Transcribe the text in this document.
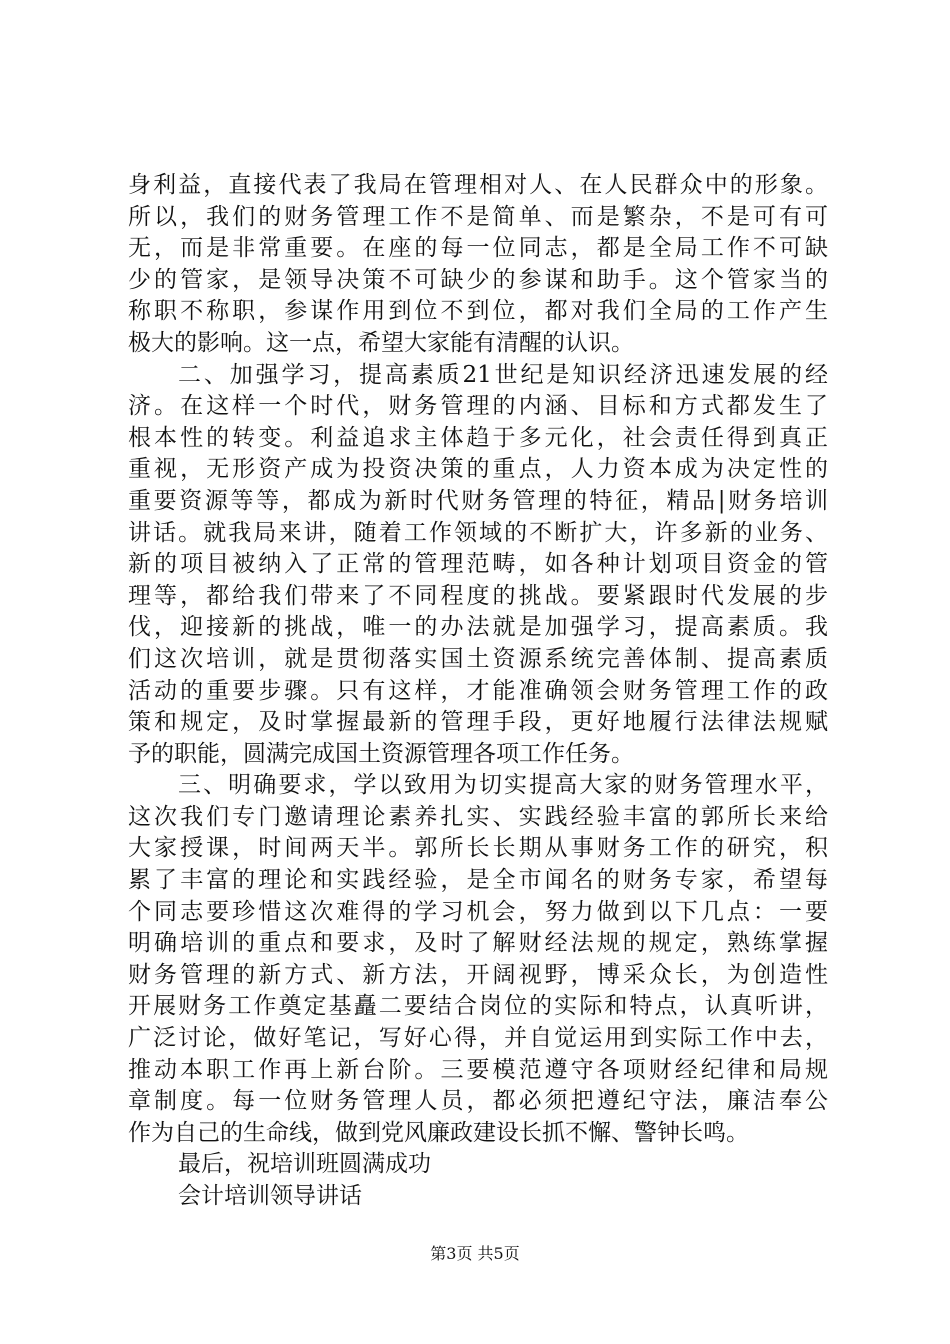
身利益，直接代表了我局在管理相对人、在人民群众中的形象。
所以，我们的财务管理工作不是简单、而是繁杂，不是可有可
无，而是非常重要。在座的每一位同志，都是全局工作不可缺
少的管家，是领导决策不可缺少的参谋和助手。这个管家当的
称职不称职，参谋作用到位不到位，都对我们全局的工作产生
极大的影响。这一点，希望大家能有清醒的认识。
二、加强学习，提高素质21世纪是知识经济迅速发展的经
济。在这样一个时代，财务管理的内涵、目标和方式都发生了
根本性的转变。利益追求主体趋于多元化，社会责任得到真正
重视，无形资产成为投资决策的重点，人力资本成为决定性的
重要资源等等，都成为新时代财务管理的特征，精品|财务培训
讲话。就我局来讲，随着工作领域的不断扩大，许多新的业务、
新的项目被纳入了正常的管理范畴，如各种计划项目资金的管
理等，都给我们带来了不同程度的挑战。要紧跟时代发展的步
伐，迎接新的挑战，唯一的办法就是加强学习，提高素质。我
们这次培训，就是贯彻落实国土资源系统完善体制、提高素质
活动的重要步骤。只有这样，才能准确领会财务管理工作的政
策和规定，及时掌握最新的管理手段，更好地履行法律法规赋
予的职能，圆满完成国土资源管理各项工作任务。
三、明确要求，学以致用为切实提高大家的财务管理水平，
这次我们专门邀请理论素养扎实、实践经验丰富的郭所长来给
大家授课，时间两天半。郭所长长期从事财务工作的研究，积
累了丰富的理论和实践经验，是全市闻名的财务专家，希望每
个同志要珍惜这次难得的学习机会，努力做到以下几点：一要
明确培训的重点和要求，及时了解财经法规的规定，熟练掌握
财务管理的新方式、新方法，开阔视野，博采众长，为创造性
开展财务工作奠定基矗二要结合岗位的实际和特点，认真听讲，
广泛讨论，做好笔记，写好心得，并自觉运用到实际工作中去，
推动本职工作再上新台阶。三要模范遵守各项财经纪律和局规
章制度。每一位财务管理人员，都必须把遵纪守法，廉洁奉公
作为自己的生命线，做到党风廉政建设长抓不懈、警钟长鸣。
最后，祝培训班圆满成功
会计培训领导讲话
第3页 共5页
